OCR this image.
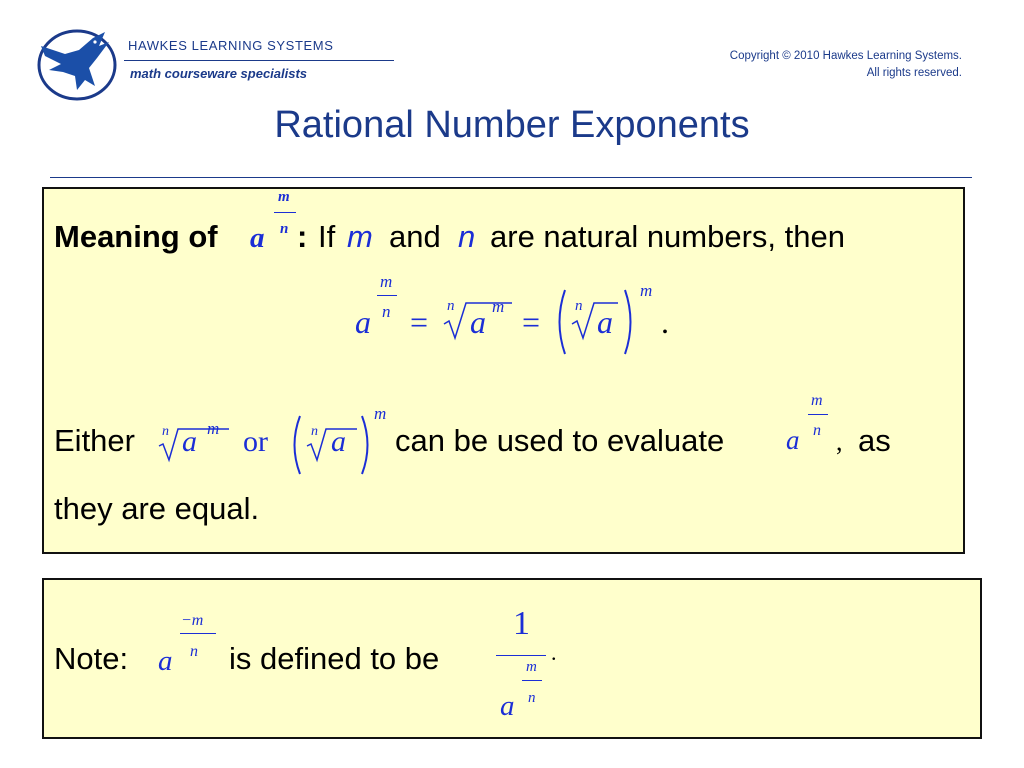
HAWKES LEARNING SYSTEMS
math courseware specialists
Copyright © 2010 Hawkes Learning Systems.
All rights reserved.
Rational Number Exponents
Meaning of a
m
n : If m and n are natural numbers, then
a
m
n = n a m = n a
m
.
Either n a m or	n a
m
can be used to evaluate a
m
n , as
they are equal.
Note: a
−m
n is defined to be
1
.
a
m
n
